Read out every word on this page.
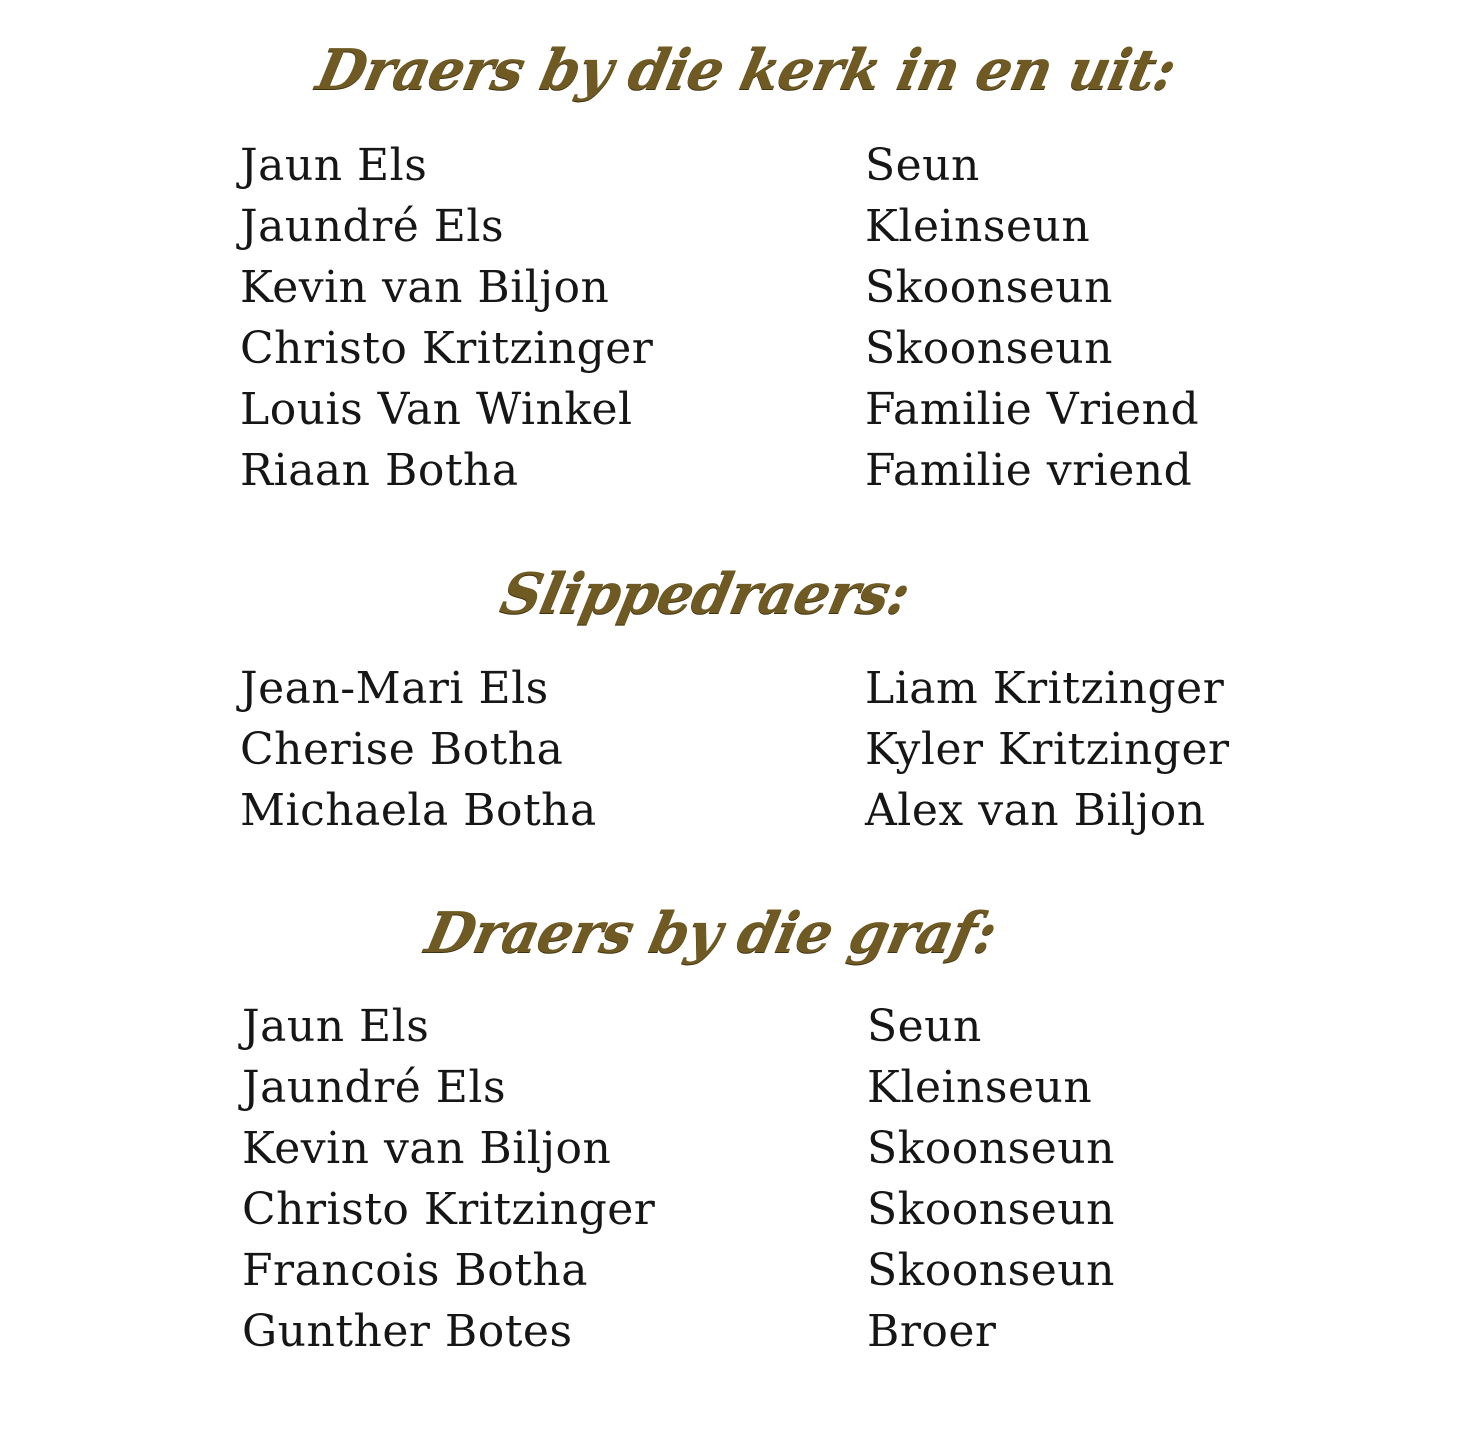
Draers by die kerk in en uit:
Jaun Els	Seun
Jaundré Els	Kleinseun
Kevin van Biljon	Skoonseun
Christo Kritzinger	Skoonseun
Louis Van Winkel	Familie Vriend
Riaan Botha	Familie vriend
Slippedraers:
Jean-Mari Els	Liam Kritzinger
Cherise Botha	Kyler Kritzinger
Michaela Botha	Alex van Biljon
Draers by die graf:
Jaun Els	Seun
Jaundré Els	Kleinseun
Kevin van Biljon	Skoonseun
Christo Kritzinger	Skoonseun
Francois Botha	Skoonseun
Gunther Botes	Broer
